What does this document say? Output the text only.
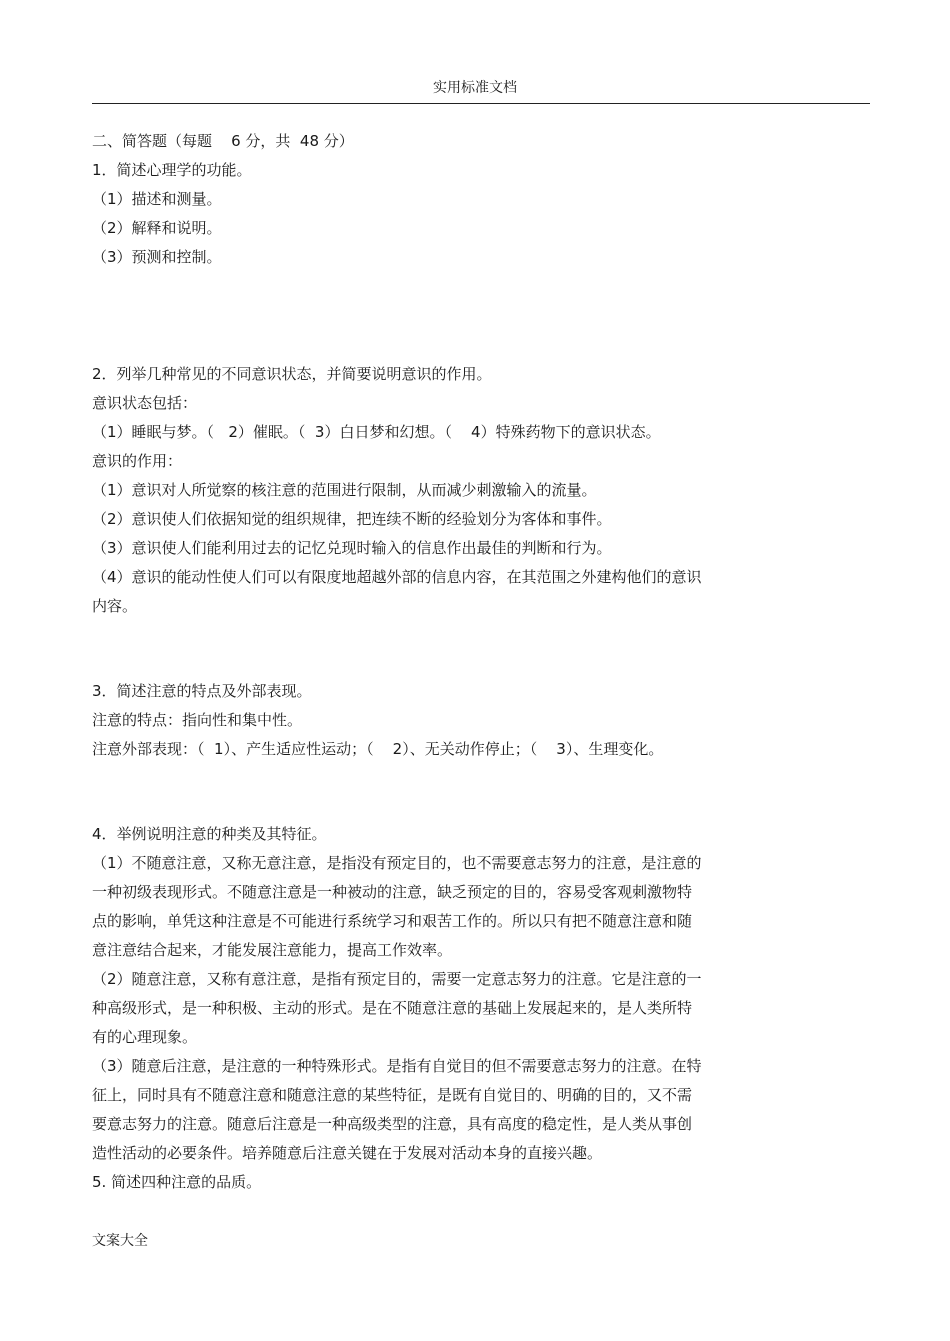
实用标准文档
二、简答题（每题    6 分，共  48 分）
1．简述心理学的功能。
（1）描述和测量。
（2）解释和说明。
（3）预测和控制。
2．列举几种常见的不同意识状态，并简要说明意识的作用。
意识状态包括：
（1）睡眠与梦。（   2）催眠。（  3）白日梦和幻想。（    4）特殊药物下的意识状态。
意识的作用：
（1）意识对人所觉察的核注意的范围进行限制，从而减少刺激输入的流量。
（2）意识使人们依据知觉的组织规律，把连续不断的经验划分为客体和事件。
（3）意识使人们能利用过去的记忆兑现时输入的信息作出最佳的判断和行为。
（4）意识的能动性使人们可以有限度地超越外部的信息内容，在其范围之外建构他们的意识
内容。
3．简述注意的特点及外部表现。
注意的特点：指向性和集中性。
注意外部表现：（  1）、产生适应性运动；（    2）、无关动作停止；（    3）、生理变化。
4．举例说明注意的种类及其特征。
（1）不随意注意，又称无意注意，是指没有预定目的，也不需要意志努力的注意，是注意的
一种初级表现形式。不随意注意是一种被动的注意，缺乏预定的目的，容易受客观刺激物特
点的影响，单凭这种注意是不可能进行系统学习和艰苦工作的。所以只有把不随意注意和随
意注意结合起来，才能发展注意能力，提高工作效率。
（2）随意注意，又称有意注意，是指有预定目的，需要一定意志努力的注意。它是注意的一
种高级形式，是一种积极、主动的形式。是在不随意注意的基础上发展起来的，是人类所特
有的心理现象。
（3）随意后注意，是注意的一种特殊形式。是指有自觉目的但不需要意志努力的注意。在特
征上，同时具有不随意注意和随意注意的某些特征，是既有自觉目的、明确的目的，又不需
要意志努力的注意。随意后注意是一种高级类型的注意，具有高度的稳定性，是人类从事创
造性活动的必要条件。培养随意后注意关键在于发展对活动本身的直接兴趣。
5. 简述四种注意的品质。
文案大全
